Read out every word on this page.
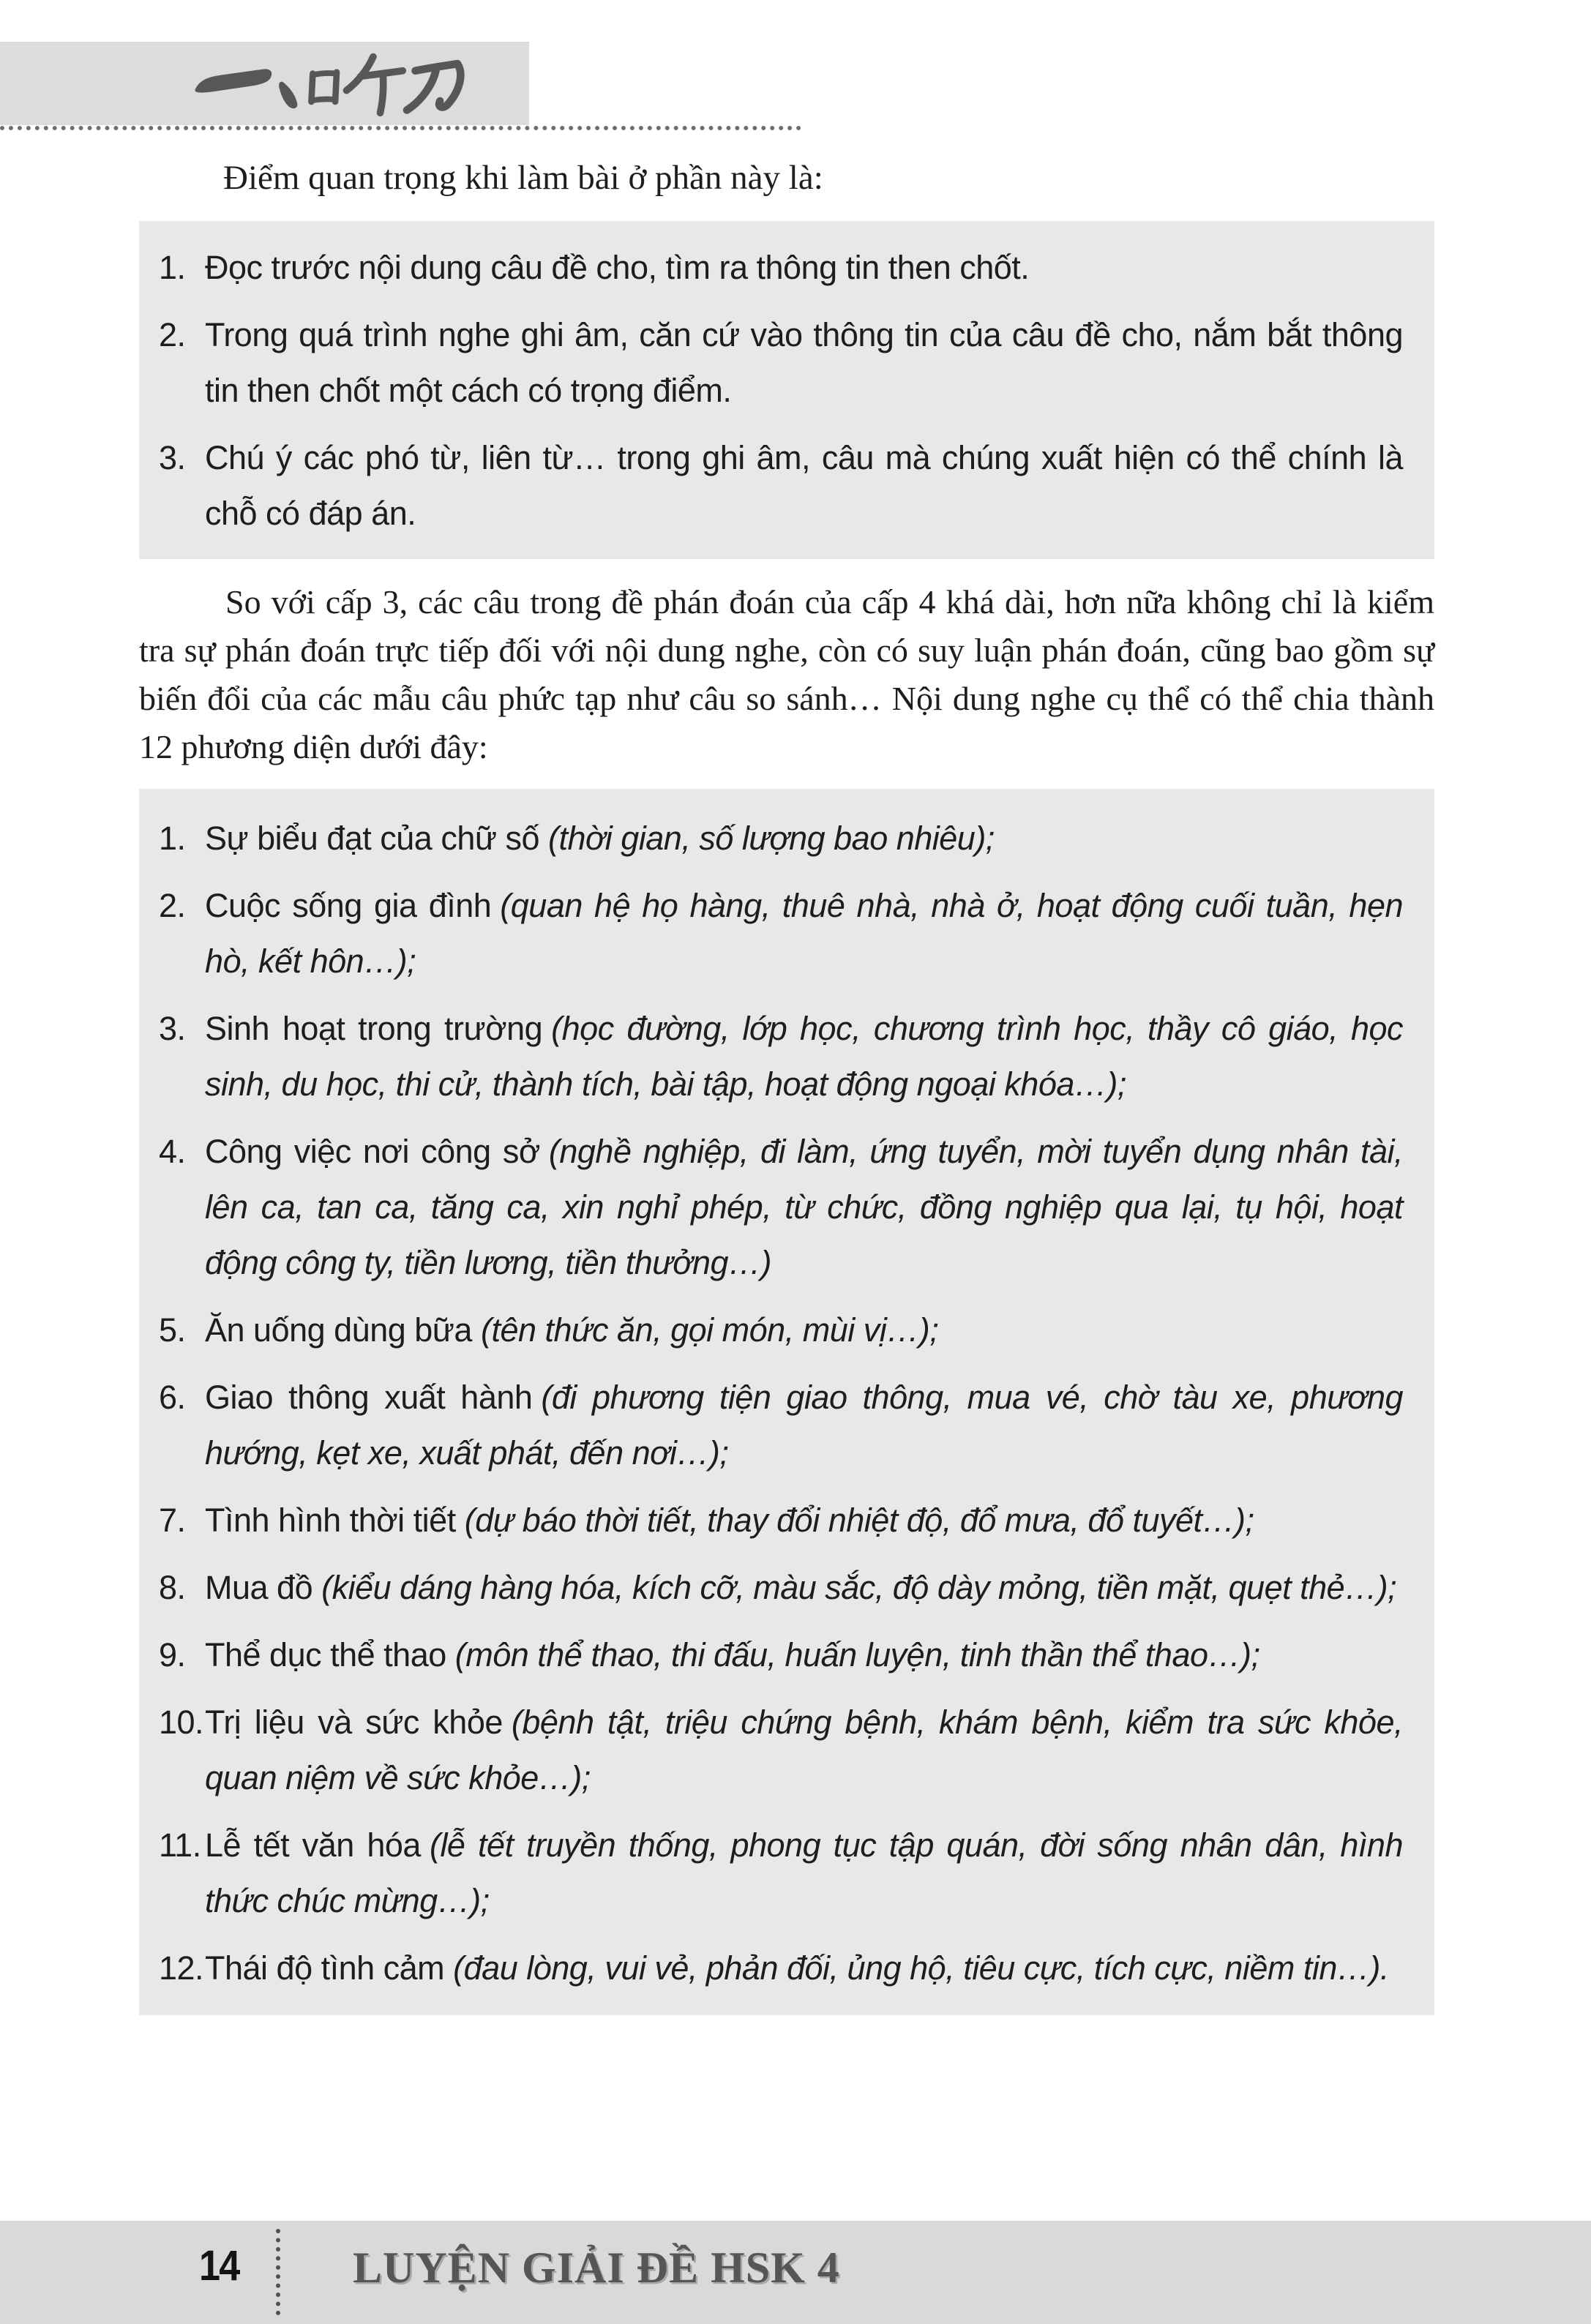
Điểm quan trọng khi làm bài ở phần này là:

1. Đọc trước nội dung câu đề cho, tìm ra thông tin then chốt.
2. Trong quá trình nghe ghi âm, căn cứ vào thông tin của câu đề cho, nắm bắt thông tin then chốt một cách có trọng điểm.
3. Chú ý các phó từ, liên từ… trong ghi âm, câu mà chúng xuất hiện có thể chính là chỗ có đáp án.

So với cấp 3, các câu trong đề phán đoán của cấp 4 khá dài, hơn nữa không chỉ là kiểm tra sự phán đoán trực tiếp đối với nội dung nghe, còn có suy luận phán đoán, cũng bao gồm sự biến đổi của các mẫu câu phức tạp như câu so sánh… Nội dung nghe cụ thể có thể chia thành 12 phương diện dưới đây:

1. Sự biểu đạt của chữ số (thời gian, số lượng bao nhiêu);
2. Cuộc sống gia đình (quan hệ họ hàng, thuê nhà, nhà ở, hoạt động cuối tuần, hẹn hò, kết hôn…);
3. Sinh hoạt trong trường (học đường, lớp học, chương trình học, thầy cô giáo, học sinh, du học, thi cử, thành tích, bài tập, hoạt động ngoại khóa…);
4. Công việc nơi công sở (nghề nghiệp, đi làm, ứng tuyển, mời tuyển dụng nhân tài, lên ca, tan ca, tăng ca, xin nghỉ phép, từ chức, đồng nghiệp qua lại, tụ hội, hoạt động công ty, tiền lương, tiền thưởng…)
5. Ăn uống dùng bữa (tên thức ăn, gọi món, mùi vị…);
6. Giao thông xuất hành (đi phương tiện giao thông, mua vé, chờ tàu xe, phương hướng, kẹt xe, xuất phát, đến nơi…);
7. Tình hình thời tiết (dự báo thời tiết, thay đổi nhiệt độ, đổ mưa, đổ tuyết…);
8. Mua đồ (kiểu dáng hàng hóa, kích cỡ, màu sắc, độ dày mỏng, tiền mặt, quẹt thẻ…);
9. Thể dục thể thao (môn thể thao, thi đấu, huấn luyện, tinh thần thể thao…);
10. Trị liệu và sức khỏe (bệnh tật, triệu chứng bệnh, khám bệnh, kiểm tra sức khỏe, quan niệm về sức khỏe…);
11. Lễ tết văn hóa (lễ tết truyền thống, phong tục tập quán, đời sống nhân dân, hình thức chúc mừng…);
12. Thái độ tình cảm (đau lòng, vui vẻ, phản đối, ủng hộ, tiêu cực, tích cực, niềm tin…).
14	LUYỆN GIẢI ĐỀ HSK 4
